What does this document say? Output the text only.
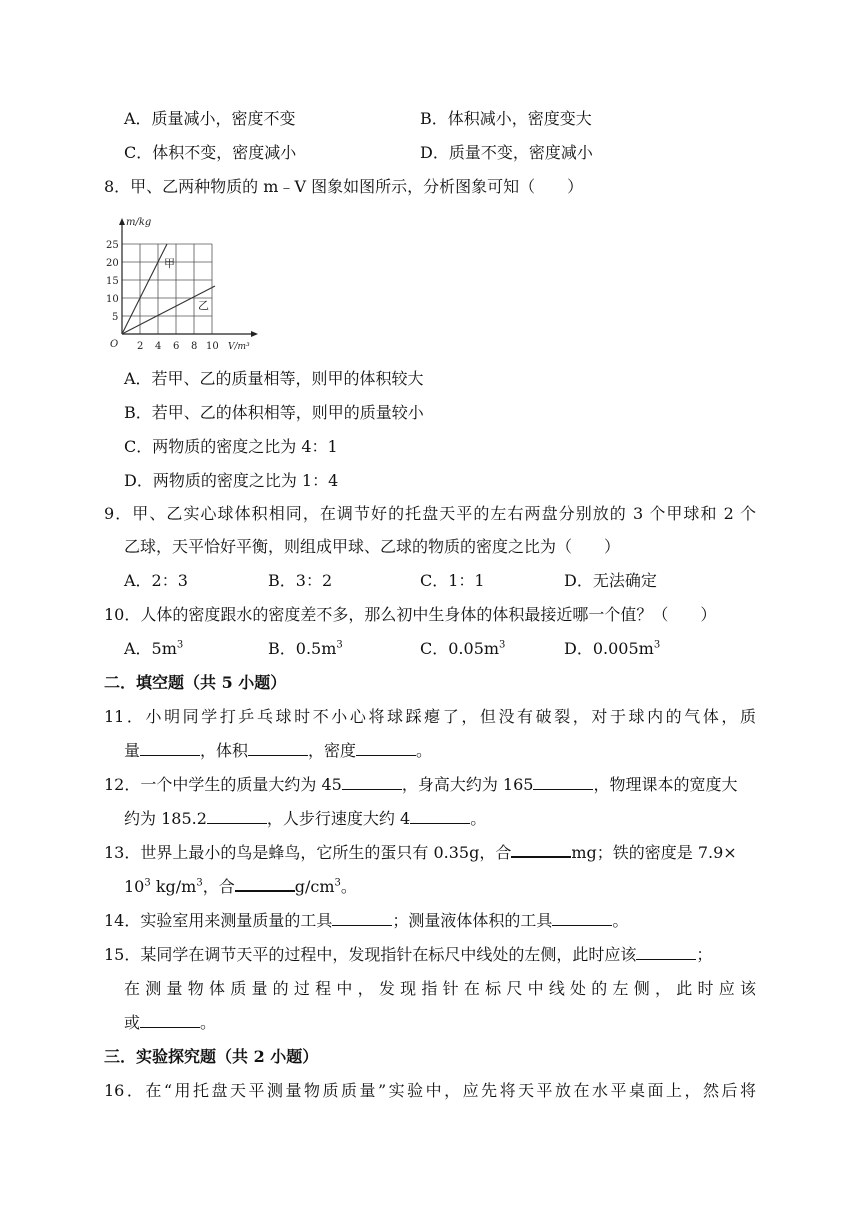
A．质量减小，密度不变	B．体积减小，密度变大
C．体积不变，密度减小	D．质量不变，密度减小
8．甲、乙两种物质的 m﹣V 图象如图所示，分析图象可知（　　）
m/kg
V/m³
O
25
20
15
10
5
2 4 6 8 10
甲
乙
A．若甲、乙的质量相等，则甲的体积较大
B．若甲、乙的体积相等，则甲的质量较小
C．两物质的密度之比为 4：1
D．两物质的密度之比为 1：4
9．甲、乙实心球体积相同，在调节好的托盘天平的左右两盘分别放的 3 个甲球和 2 个
乙球，天平恰好平衡，则组成甲球、乙球的物质的密度之比为（　　）
A．2：3	B．3：2	C．1：1	D．无法确定
10．人体的密度跟水的密度差不多，那么初中生身体的体积最接近哪一个值？（　　）
A．$5m^3$	B．$0.5m^3$	C．$0.05m^3$	D．$0.005m^3$
二．填空题（共 5 小题）
11．小明同学打乒乓球时不小心将球踩瘪了，但没有破裂，对于球内的气体，质
量	，体积	，密度	。
12．一个中学生的质量大约为 45	，身高大约为 165	，物理课本的宽度大
约为 185.2	，人步行速度大约 4	。
13．世界上最小的鸟是蜂鸟，它所生的蛋只有 0.35g，合	mg；铁的密度是 7.9×
$10^3$ $kg/m^3$，合	$g/cm^3$。
14．实验室用来测量质量的工具	；测量液体体积的工具	。
15．某同学在调节天平的过程中，发现指针在标尺中线处的左侧，此时应该	；
在测量物体质量的过程中，发现指针在标尺中线处的左侧，此时应该
或	。
三．实验探究题（共 2 小题）
16．在“用托盘天平测量物质质量”实验中，应先将天平放在水平桌面上，然后将
